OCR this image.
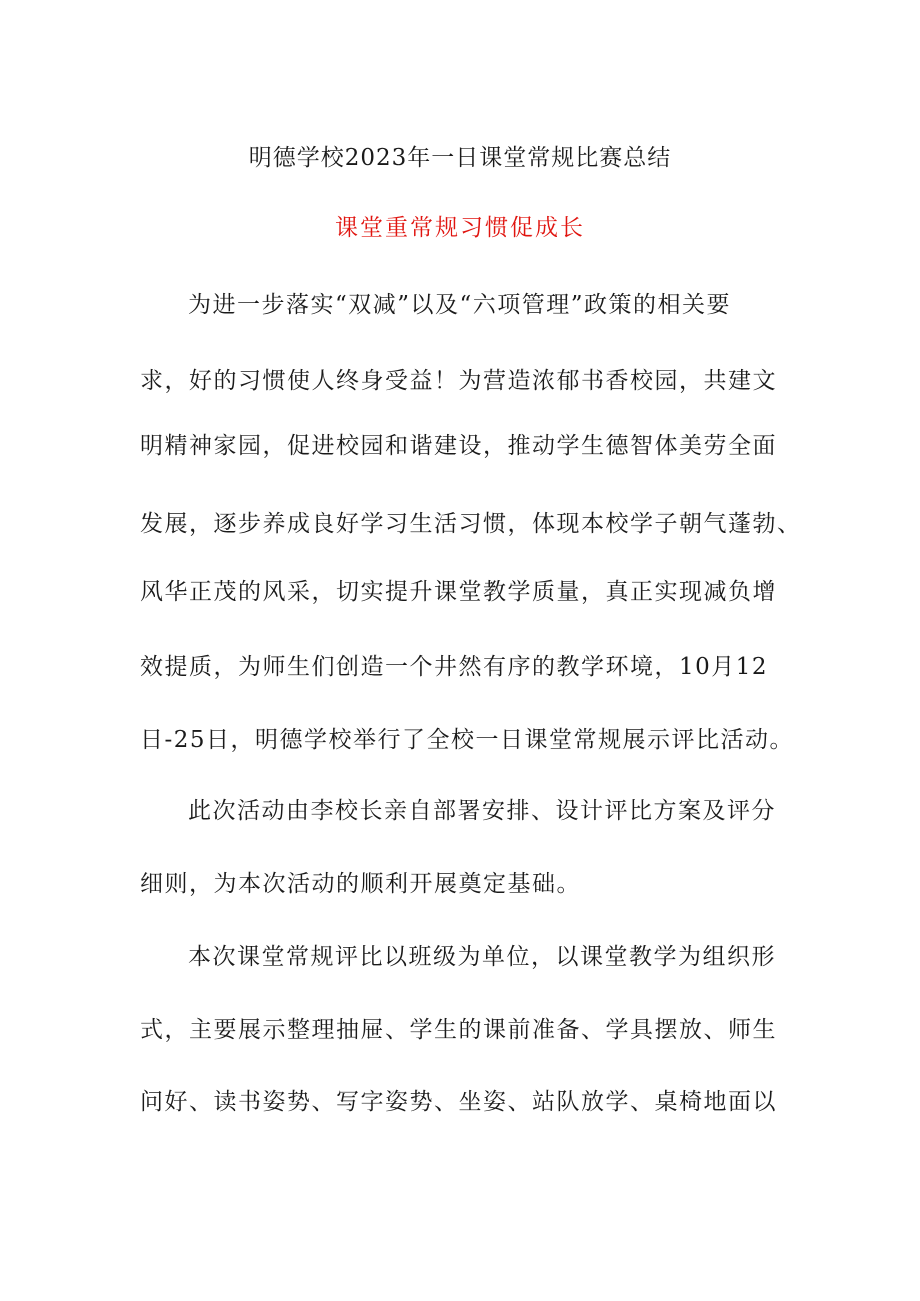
明德学校2023年一日课堂常规比赛总结
课堂重常规习惯促成长
为进一步落实“双减”以及“六项管理”政策的相关要
求，好的习惯使人终身受益！为营造浓郁书香校园，共建文
明精神家园，促进校园和谐建设，推动学生德智体美劳全面
发展，逐步养成良好学习生活习惯，体现本校学子朝气蓬勃、
风华正茂的风采，切实提升课堂教学质量，真正实现减负增
效提质，为师生们创造一个井然有序的教学环境，10月12
日-25日，明德学校举行了全校一日课堂常规展示评比活动。
此次活动由李校长亲自部署安排、设计评比方案及评分
细则，为本次活动的顺利开展奠定基础。
本次课堂常规评比以班级为单位，以课堂教学为组织形
式，主要展示整理抽屉、学生的课前准备、学具摆放、师生
问好、读书姿势、写字姿势、坐姿、站队放学、桌椅地面以
